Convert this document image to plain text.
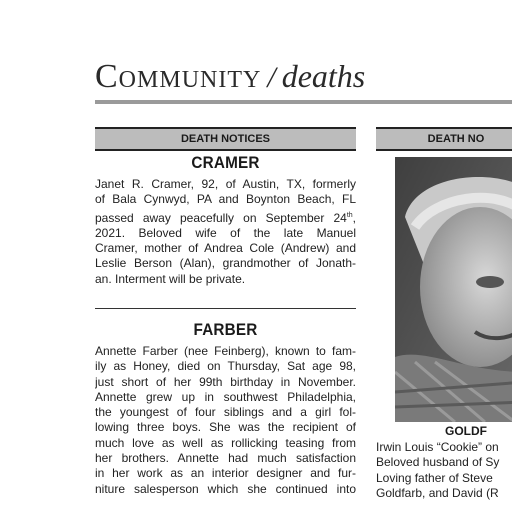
Community / deaths
DEATH NOTICES	DEATH NO
CRAMER
Janet R. Cramer, 92, of Austin, TX, formerly
of Bala Cynwyd, PA and Boynton Beach, FL
passed away peacefully on September 24th,
2021. Beloved wife of the late Manuel
Cramer, mother of Andrea Cole (Andrew) and
Leslie Berson (Alan), grandmother of Jonath-
an. Interment will be private.
FARBER
Annette Farber (nee Feinberg), known to fam-
ily as Honey, died on Thursday, Sat age 98,
just short of her 99th birthday in November.
Annette grew up in southwest Philadelphia,
the youngest of four siblings and a girl fol-
lowing three boys. She was the recipient of
much love as well as rollicking teasing from
her brothers. Annette had much satisfaction
in her work as an interior designer and fur-
niture salesperson which she continued into
GOLDF
Irwin Louis “Cookie” on
Beloved husband of Sy
Loving father of Steve
Goldfarb, and David (R
